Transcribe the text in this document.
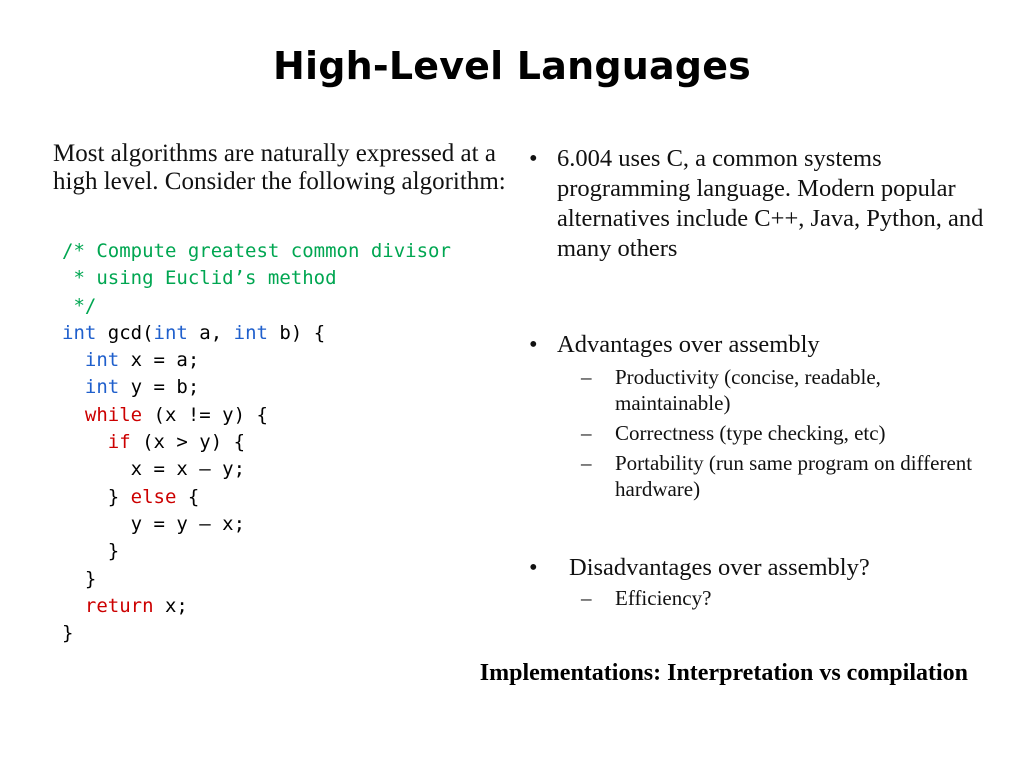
High-Level Languages
Most algorithms are naturally expressed at a high level. Consider the following algorithm:
/* Compute greatest common divisor
* using Euclid’s method
*/
int gcd(int a, int b) {
int x = a;
int y = b;
while (x != y) {
if (x > y) {
x = x – y;
} else {
y = y – x;
}
}
return x;
}
• 6.004 uses C, a common systems programming language. Modern popular alternatives include C++, Java, Python, and many others
• Advantages over assembly
– Productivity (concise, readable, maintainable)
– Correctness (type checking, etc)
– Portability (run same program on different hardware)
• Disadvantages over assembly?
– Efficiency?
Implementations: Interpretation vs compilation
